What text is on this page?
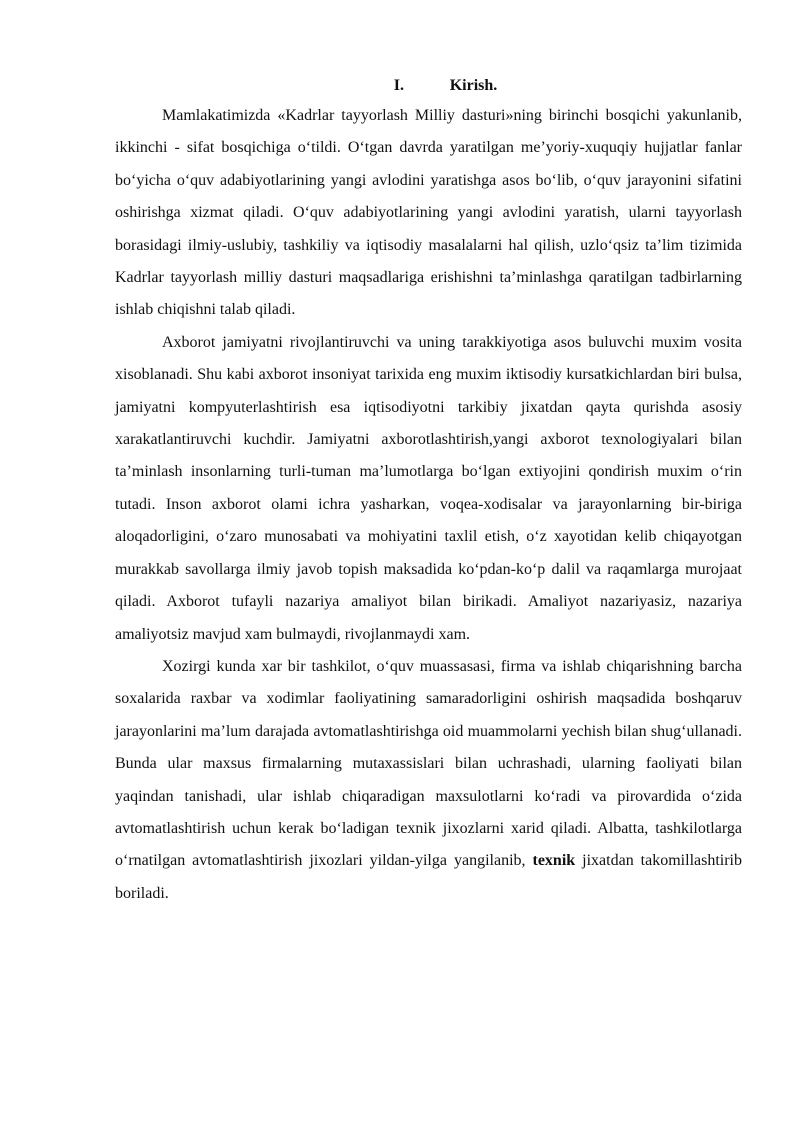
I.	Kirish.

Mamlakatimizda «Kadrlar tayyorlash Milliy dasturi»ning birinchi bosqichi yakunlanib, ikkinchi - sifat bosqichiga o‘tildi. O‘tgan davrda yaratilgan me’yoriy-xuquqiy hujjatlar fanlar bo‘yicha o‘quv adabiyotlarining yangi avlodini yaratishga asos bo‘lib, o‘quv jarayonini sifatini oshirishga xizmat qiladi. O‘quv adabiyotlarining yangi avlodini yaratish, ularni tayyorlash borasidagi ilmiy-uslubiy, tashkiliy va iqtisodiy masalalarni hal qilish, uzlo‘qsiz ta’lim tizimida Kadrlar tayyorlash milliy dasturi maqsadlariga erishishni ta’minlashga qaratilgan tadbirlarning ishlab chiqishni talab qiladi.

Axborot jamiyatni rivojlantiruvchi va uning tarakkiyotiga asos buluvchi muxim vosita xisoblanadi. Shu kabi axborot insoniyat tarixida eng muxim iktisodiy kursatkichlardan biri bulsa, jamiyatni kompyuterlashtirish esa iqtisodiyotni tarkibiy jixatdan qayta qurishda asosiy xarakatlantiruvchi kuchdir. Jamiyatni axborotlashtirish,yangi axborot texnologiyalari bilan ta’minlash insonlarning turli-tuman ma’lumotlarga bo‘lgan extiyojini qondirish muxim o‘rin tutadi. Inson axborot olami ichra yasharkan, voqea-xodisalar va jarayonlarning bir-biriga aloqadorligini, o‘zaro munosabati va mohiyatini taxlil etish, o‘z xayotidan kelib chiqayotgan murakkab savollarga ilmiy javob topish maksadida ko‘pdan-ko‘p dalil va raqamlarga murojaat qiladi. Axborot tufayli nazariya amaliyot bilan birikadi. Amaliyot nazariyasiz, nazariya amaliyotsiz mavjud xam bulmaydi, rivojlanmaydi xam.

Xozirgi kunda xar bir tashkilot, o‘quv muassasasi, firma va ishlab chiqarishning barcha soxalarida raxbar va xodimlar faoliyatining samaradorligini oshirish maqsadida boshqaruv jarayonlarini ma’lum darajada avtomatlashtirishga oid muammolarni yechish bilan shug‘ullanadi. Bunda ular maxsus firmalarning mutaxassislari bilan uchrashadi, ularning faoliyati bilan yaqindan tanishadi, ular ishlab chiqaradigan maxsulotlarni ko‘radi va pirovardida o‘zida avtomatlashtirish uchun kerak bo‘ladigan texnik jixozlarni xarid qiladi. Albatta, tashkilotlarga o‘rnatilgan avtomatlashtirish jixozlari yildan-yilga yangilanib, texnik jixatdan takomillashtirib boriladi.
